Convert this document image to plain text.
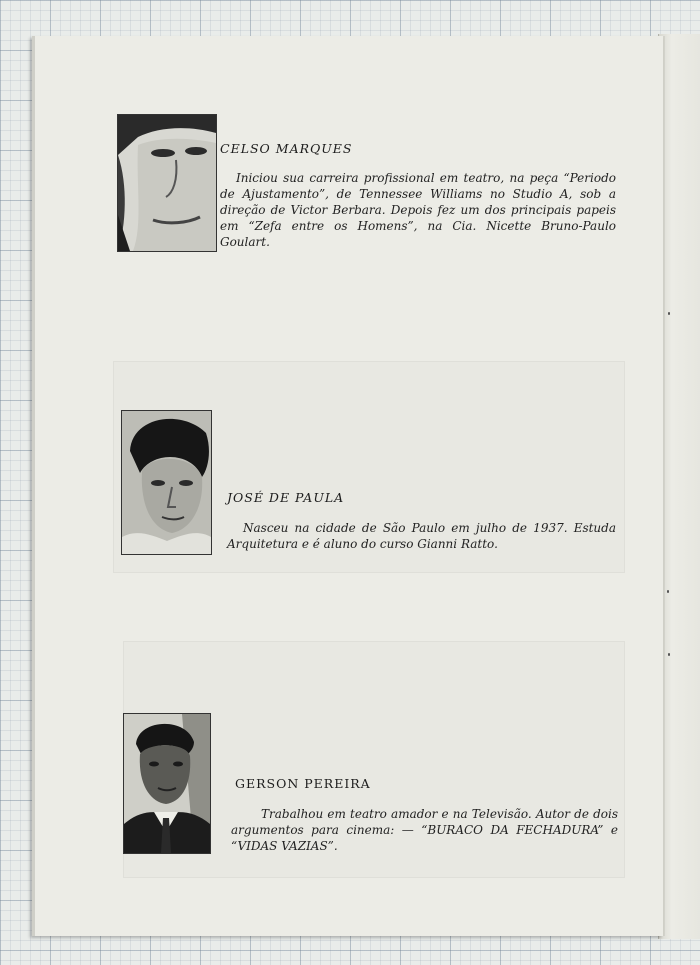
CELSO MARQUES

Iniciou sua carreira profissional em teatro, na peça “Periodo de Ajustamento”, de Tennessee Williams no Studio A, sob a direção de Victor Berbara. Depois fez um dos principais papeis em “Zefa entre os Homens”, na Cia. Nicette Bruno-Paulo Goulart.

JOSÉ DE PAULA

Nasceu na cidade de São Paulo em julho de 1937. Estuda Arquitetura e é aluno do curso Gianni Ratto.

GERSON PEREIRA

Trabalhou em teatro amador e na Televisão. Autor de dois argumentos para cinema: — “BURACO DA FECHADURA” e “VIDAS VAZIAS”.
